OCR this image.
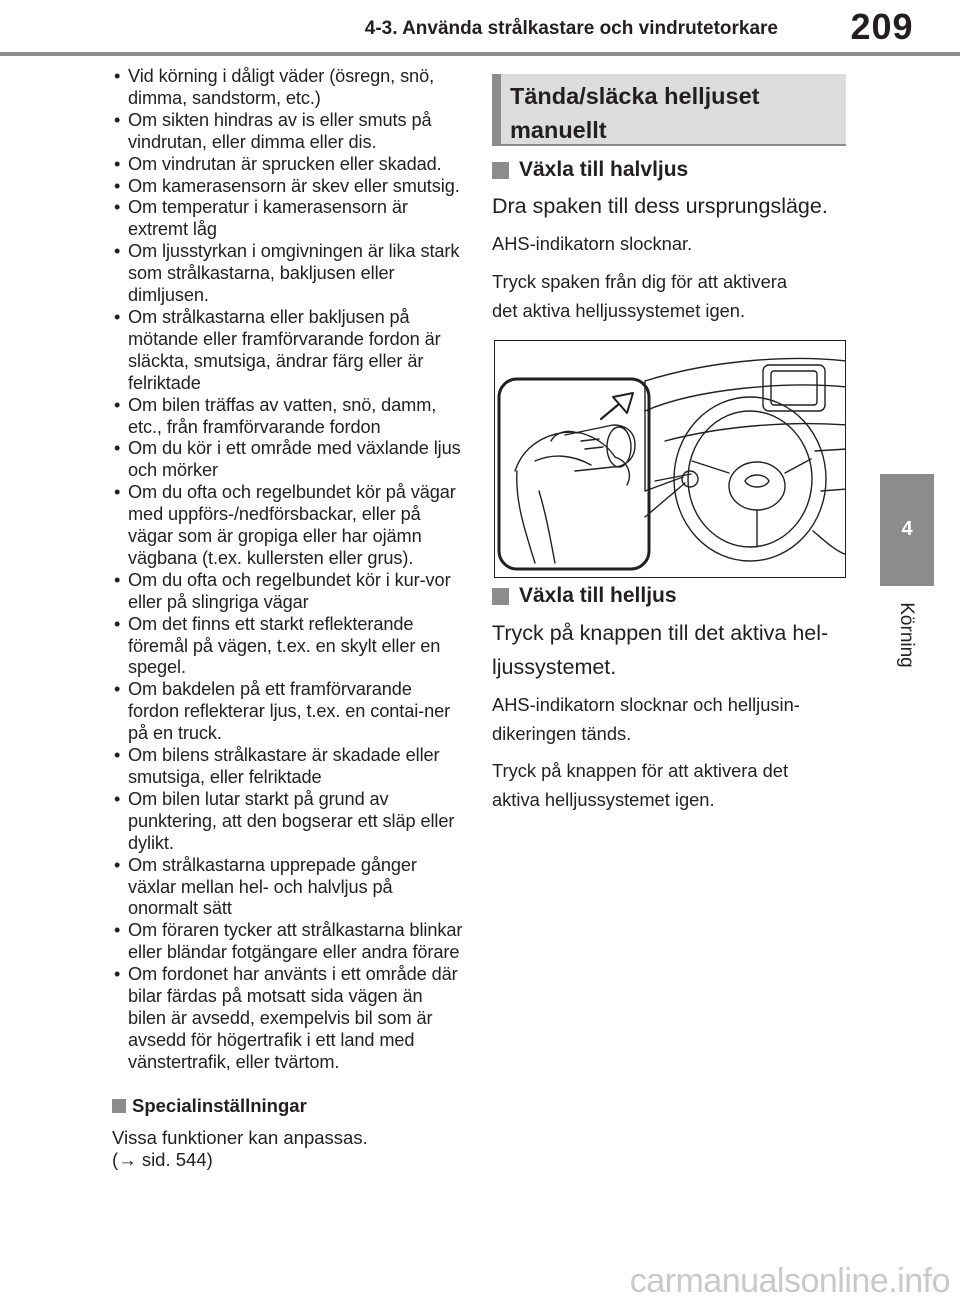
4-3. Använda strålkastare och vindrutetorkare	209
4
Körning
• Vid körning i dåligt väder (ösregn, snö, dimma, sandstorm, etc.)
• Om sikten hindras av is eller smuts på vindrutan, eller dimma eller dis.
• Om vindrutan är sprucken eller skadad.
• Om kamerasensorn är skev eller smutsig.
• Om temperatur i kamerasensorn är extremt låg
• Om ljusstyrkan i omgivningen är lika stark som strålkastarna, bakljusen eller dimljusen.
• Om strålkastarna eller bakljusen på mötande eller framförvarande fordon är släckta, smutsiga, ändrar färg eller är felriktade
• Om bilen träffas av vatten, snö, damm, etc., från framförvarande fordon
• Om du kör i ett område med växlande ljus och mörker
• Om du ofta och regelbundet kör på vägar med uppförs-/nedförsbackar, eller på vägar som är gropiga eller har ojämn vägbana (t.ex. kullersten eller grus).
• Om du ofta och regelbundet kör i kur-vor eller på slingriga vägar
• Om det finns ett starkt reflekterande föremål på vägen, t.ex. en skylt eller en spegel.
• Om bakdelen på ett framförvarande fordon reflekterar ljus, t.ex. en contai-ner på en truck.
• Om bilens strålkastare är skadade eller smutsiga, eller felriktade
• Om bilen lutar starkt på grund av punktering, att den bogserar ett släp eller dylikt.
• Om strålkastarna upprepade gånger växlar mellan hel- och halvljus på onormalt sätt
• Om föraren tycker att strålkastarna blinkar eller bländar fotgängare eller andra förare
• Om fordonet har använts i ett område där bilar färdas på motsatt sida vägen än bilen är avsedd, exempelvis bil som är avsedd för högertrafik i ett land med vänstertrafik, eller tvärtom.
Specialinställningar
Vissa funktioner kan anpassas.
(→ sid. 544)
Tända/släcka helljuset
manuellt
Växla till halvljus

Dra spaken till dess ursprungsläge.

AHS-indikatorn slocknar.

Tryck spaken från dig för att aktivera

det aktiva helljussystemet igen.

Växla till helljus

Tryck på knappen till det aktiva hel-

ljussystemet.

AHS-indikatorn slocknar och helljusin-

dikeringen tänds.

Tryck på knappen för att aktivera det

aktiva helljussystemet igen.

carmanualsonline.info
